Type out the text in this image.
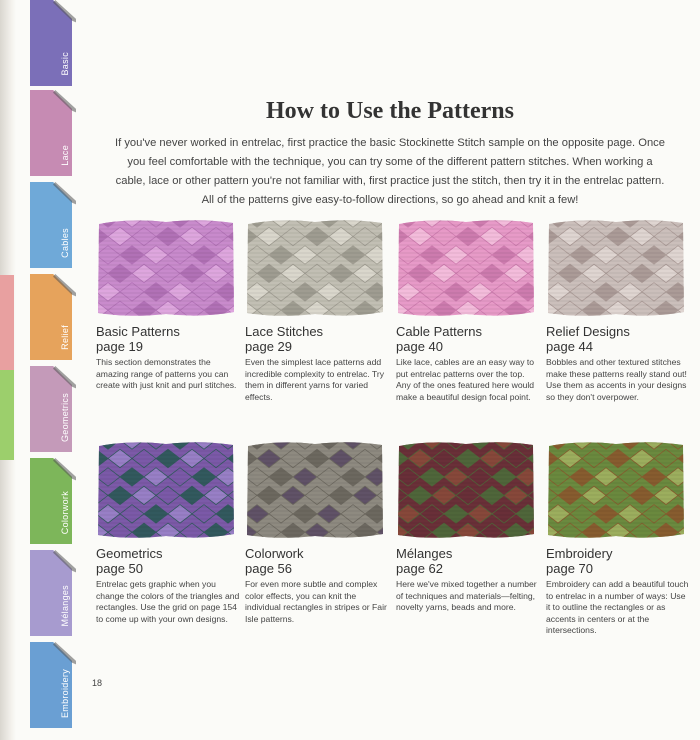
Basic
Lace
Cables
Relief
Geometrics
Colorwork
Mélanges
Embroidery
How to Use the Patterns

If you've never worked in entrelac, first practice the basic Stockinette Stitch sample on the opposite page. Once you feel comfortable with the technique, you can try some of the different pattern stitches. When working a cable, lace or other pattern you're not familiar with, first practice just the stitch, then try it in the entrelac pattern. All of the patterns give easy-to-follow directions, so go ahead and knit a few!

Basic Patterns
page 19
This section demonstrates the amazing range of patterns you can create with just knit and purl stitches.
Lace Stitches
page 29
Even the simplest lace patterns add incredible complexity to entrelac. Try them in different yarns for varied effects.
Cable Patterns
page 40
Like lace, cables are an easy way to put entrelac patterns over the top. Any of the ones featured here would make a beautiful design focal point.
Relief Designs
page 44
Bobbles and other textured stitches make these patterns really stand out! Use them as accents in your designs so they don't overpower.
Geometrics
page 50
Entrelac gets graphic when you change the colors of the triangles and rectangles. Use the grid on page 154 to come up with your own designs.
Colorwork
page 56
For even more subtle and complex color effects, you can knit the individual rectangles in stripes or Fair Isle patterns.
Mélanges
page 62
Here we've mixed together a number of techniques and materials—felting, novelty yarns, beads and more.
Embroidery
page 70
Embroidery can add a beautiful touch to entrelac in a number of ways: Use it to outline the rectangles or as accents in centers or at the intersections.
18
